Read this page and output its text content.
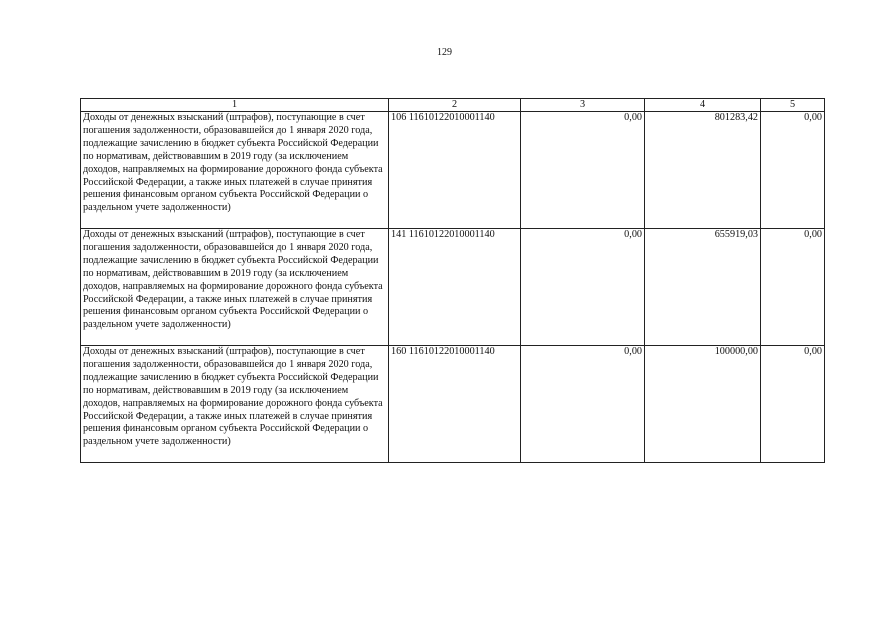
129
1	2	3	4	5
Доходы от денежных взысканий (штрафов), поступающие в счет погашения задолженности, образовавшейся до 1 января 2020 года, подлежащие зачислению в бюджет субъекта Российской Федерации по нормативам, действовавшим в 2019 году (за исключением доходов, направляемых на формирование дорожного фонда субъекта Российской Федерации, а также иных платежей в случае принятия решения финансовым органом субъекта Российской Федерации о раздельном учете задолженности)	106 11610122010001140	0,00	801283,42	0,00
Доходы от денежных взысканий (штрафов), поступающие в счет погашения задолженности, образовавшейся до 1 января 2020 года, подлежащие зачислению в бюджет субъекта Российской Федерации по нормативам, действовавшим в 2019 году (за исключением доходов, направляемых на формирование дорожного фонда субъекта Российской Федерации, а также иных платежей в случае принятия решения финансовым органом субъекта Российской Федерации о раздельном учете задолженности)	141 11610122010001140	0,00	655919,03	0,00
Доходы от денежных взысканий (штрафов), поступающие в счет погашения задолженности, образовавшейся до 1 января 2020 года, подлежащие зачислению в бюджет субъекта Российской Федерации по нормативам, действовавшим в 2019 году (за исключением доходов, направляемых на формирование дорожного фонда субъекта Российской Федерации, а также иных платежей в случае принятия решения финансовым органом субъекта Российской Федерации о раздельном учете задолженности)	160 11610122010001140	0,00	100000,00	0,00
